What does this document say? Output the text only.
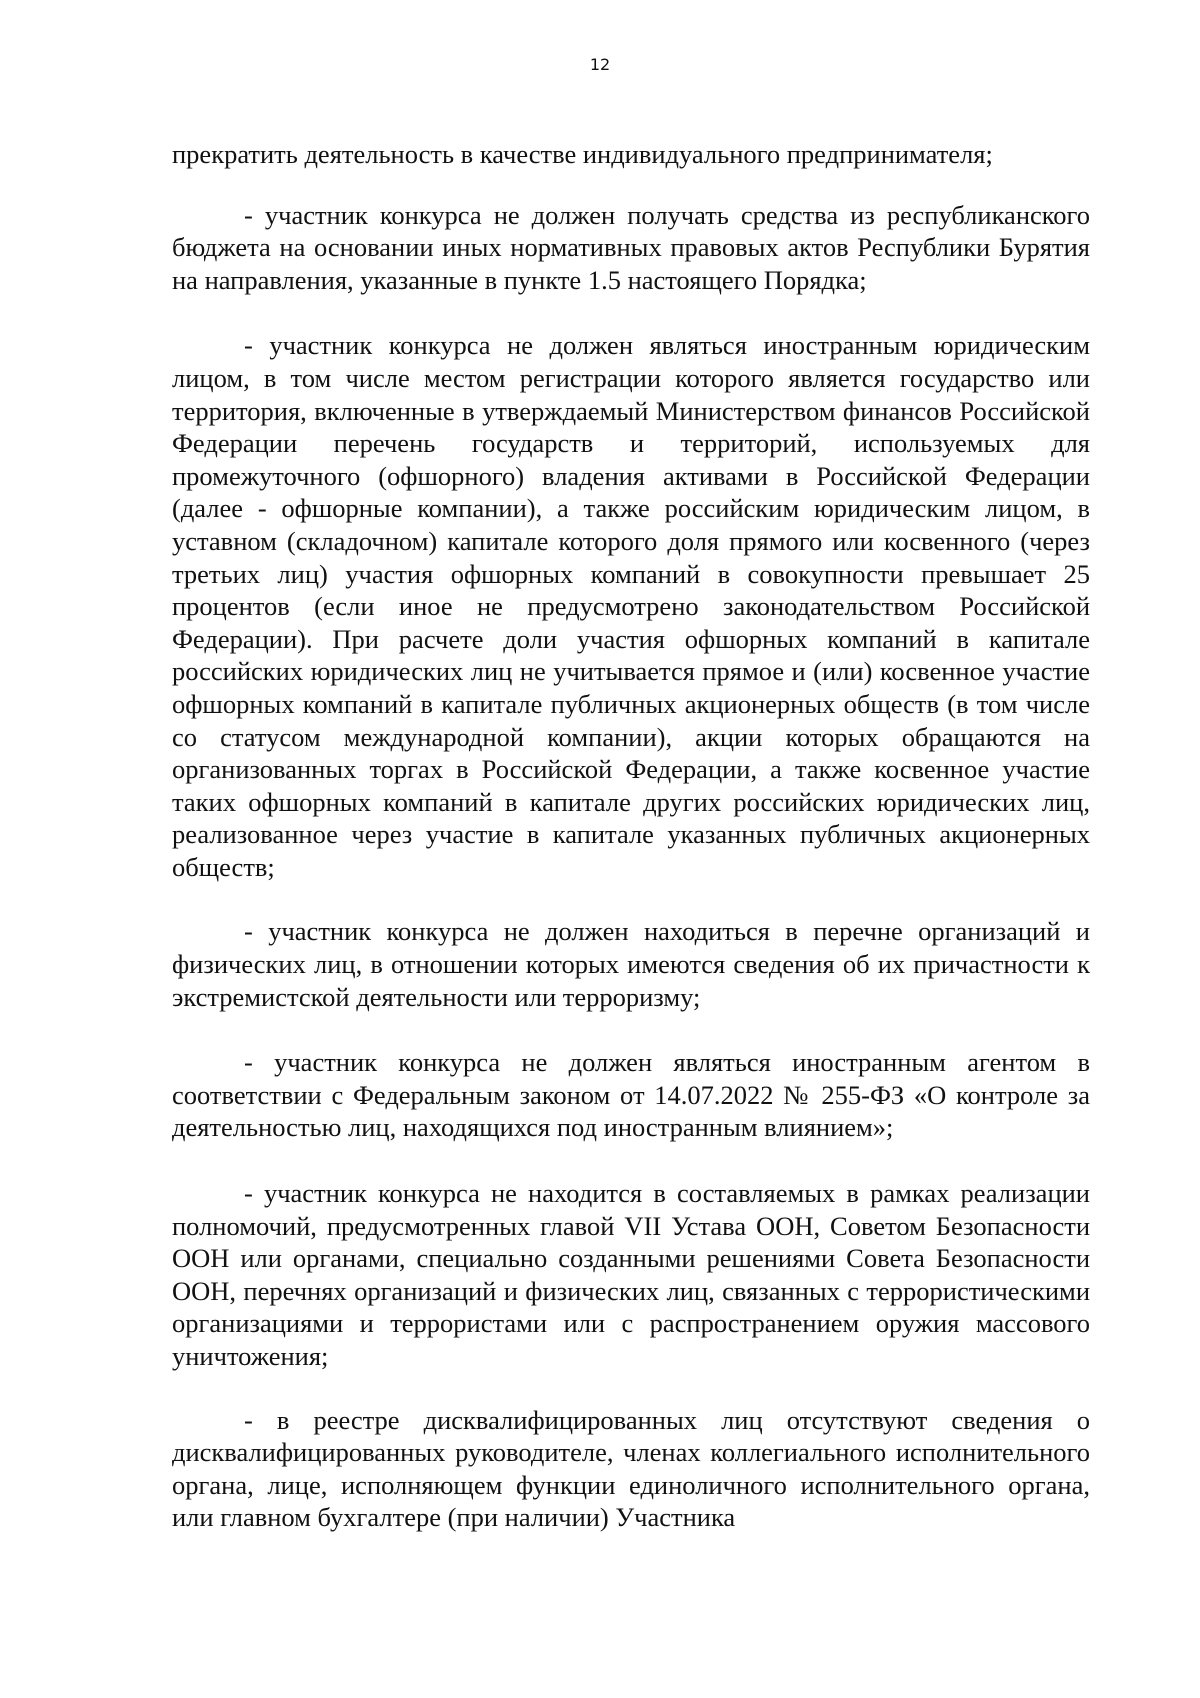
12

прекратить деятельность в качестве индивидуального предпринимателя;

- участник конкурса не должен получать средства из республиканского бюджета на основании иных нормативных правовых актов Республики Бурятия на направления, указанные в пункте 1.5 настоящего Порядка;

- участник конкурса не должен являться иностранным юридическим лицом, в том числе местом регистрации которого является государство или территория, включенные в утверждаемый Министерством финансов Российской Федерации перечень государств и территорий, используемых для промежуточного (офшорного) владения активами в Российской Федерации (далее - офшорные компании), а также российским юридическим лицом, в уставном (складочном) капитале которого доля прямого или косвенного (через третьих лиц) участия офшорных компаний в совокупности превышает 25 процентов (если иное не предусмотрено законодательством Российской Федерации). При расчете доли участия офшорных компаний в капитале российских юридических лиц не учитывается прямое и (или) косвенное участие офшорных компаний в капитале публичных акционерных обществ (в том числе со статусом международной компании), акции которых обращаются на организованных торгах в Российской Федерации, а также косвенное участие таких офшорных компаний в капитале других российских юридических лиц, реализованное через участие в капитале указанных публичных акционерных обществ;

- участник конкурса не должен находиться в перечне организаций и физических лиц, в отношении которых имеются сведения об их причастности к экстремистской деятельности или терроризму;

- участник конкурса не должен являться иностранным агентом в соответствии с Федеральным законом от 14.07.2022 № 255-ФЗ «О контроле за деятельностью лиц, находящихся под иностранным влиянием»;

- участник конкурса не находится в составляемых в рамках реализации полномочий, предусмотренных главой VII Устава ООН, Советом Безопасности ООН или органами, специально созданными решениями Совета Безопасности ООН, перечнях организаций и физических лиц, связанных с террористическими организациями и террористами или с распространением оружия массового уничтожения;

- в реестре дисквалифицированных лиц отсутствуют сведения о дисквалифицированных руководителе, членах коллегиального исполнительного органа, лице, исполняющем функции единоличного исполнительного органа, или главном бухгалтере (при наличии) Участника
